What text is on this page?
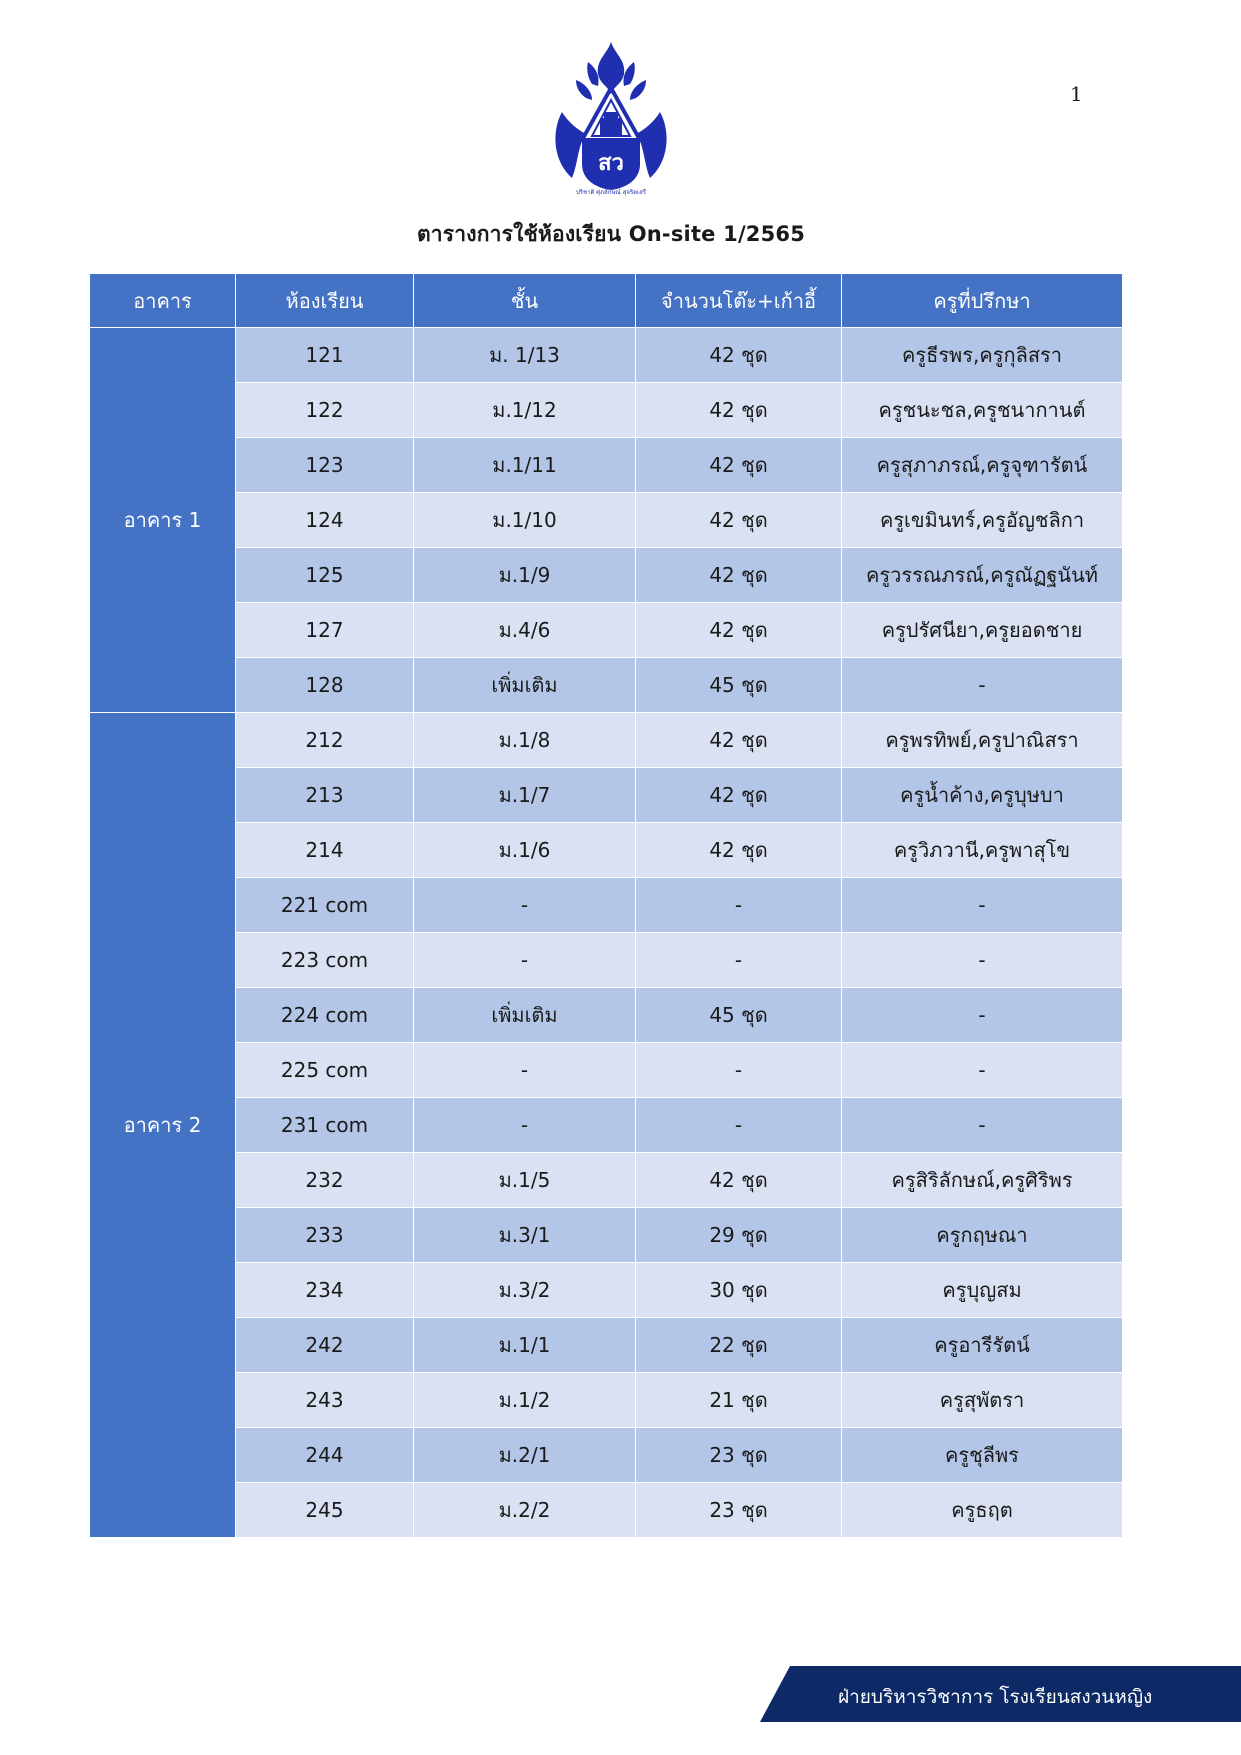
1
สว
ปริชาติ ศุภลักษณ์ สุจริตเสรี
ตารางการใช้ห้องเรียน On-site 1/2565
อาคาร	ห้องเรียน	ชั้น	จำนวนโต๊ะ+เก้าอี้	ครูที่ปรึกษา
อาคาร 1	121	ม. 1/13	42 ชุด	ครูธีรพร,ครูกุลิสรา
	122	ม.1/12	42 ชุด	ครูชนะชล,ครูชนากานต์
	123	ม.1/11	42 ชุด	ครูสุภาภรณ์,ครูจุฑารัตน์
	124	ม.1/10	42 ชุด	ครูเขมินทร์,ครูอัญชลิกา
	125	ม.1/9	42 ชุด	ครูวรรณภรณ์,ครูณัฏฐนันท์
	127	ม.4/6	42 ชุด	ครูปรัศนียา,ครูยอดชาย
	128	เพิ่มเติม	45 ชุด	-
อาคาร 2	212	ม.1/8	42 ชุด	ครูพรทิพย์,ครูปาณิสรา
	213	ม.1/7	42 ชุด	ครูน้ำค้าง,ครูบุษบา
	214	ม.1/6	42 ชุด	ครูวิภวานี,ครูพาสุโข
	221 com	-	-	-
	223 com	-	-	-
	224 com	เพิ่มเติม	45 ชุด	-
	225 com	-	-	-
	231 com	-	-	-
	232	ม.1/5	42 ชุด	ครูสิริลักษณ์,ครูศิริพร
	233	ม.3/1	29 ชุด	ครูกฤษณา
	234	ม.3/2	30 ชุด	ครูบุญสม
	242	ม.1/1	22 ชุด	ครูอารีรัตน์
	243	ม.1/2	21 ชุด	ครูสุพัตรา
	244	ม.2/1	23 ชุด	ครูชุลีพร
	245	ม.2/2	23 ชุด	ครูธฤต
ฝ่ายบริหารวิชาการ โรงเรียนสงวนหญิง
